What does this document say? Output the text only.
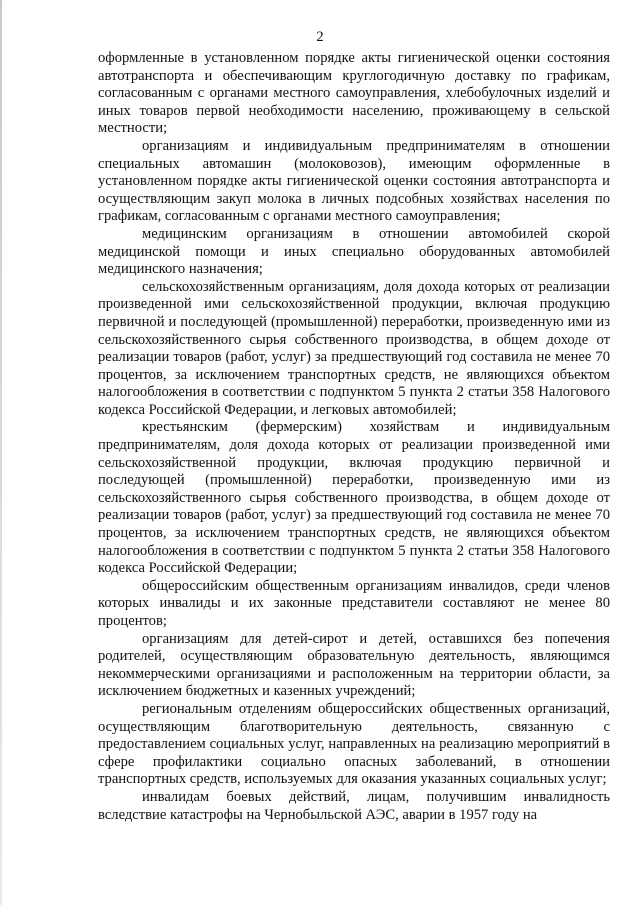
2

оформленные в установленном порядке акты гигиенической оценки состояния автотранспорта и обеспечивающим круглогодичную доставку по графикам, согласованным с органами местного самоуправления, хлебобулочных изделий и иных товаров первой необходимости населению, проживающему в сельской местности;

организациям и индивидуальным предпринимателям в отношении специальных автомашин (молоковозов), имеющим оформленные в установленном порядке акты гигиенической оценки состояния автотранспорта и осуществляющим закуп молока в личных подсобных хозяйствах населения по графикам, согласованным с органами местного самоуправления;

медицинским организациям в отношении автомобилей скорой медицинской помощи и иных специально оборудованных автомобилей медицинского назначения;

сельскохозяйственным организациям, доля дохода которых от реализации произведенной ими сельскохозяйственной продукции, включая продукцию первичной и последующей (промышленной) переработки, произведенную ими из сельскохозяйственного сырья собственного производства, в общем доходе от реализации товаров (работ, услуг) за предшествующий год составила не менее 70 процентов, за исключением транспортных средств, не являющихся объектом налогообложения в соответствии с подпунктом 5 пункта 2 статьи 358 Налогового кодекса Российской Федерации, и легковых автомобилей;

крестьянским (фермерским) хозяйствам и индивидуальным предпринимателям, доля дохода которых от реализации произведенной ими сельскохозяйственной продукции, включая продукцию первичной и последующей (промышленной) переработки, произведенную ими из сельскохозяйственного сырья собственного производства, в общем доходе от реализации товаров (работ, услуг) за предшествующий год составила не менее 70 процентов, за исключением транспортных средств, не являющихся объектом налогообложения в соответствии с подпунктом 5 пункта 2 статьи 358 Налогового кодекса Российской Федерации;

общероссийским общественным организациям инвалидов, среди членов которых инвалиды и их законные представители составляют не менее 80 процентов;

организациям для детей-сирот и детей, оставшихся без попечения родителей, осуществляющим образовательную деятельность, являющимся некоммерческими организациями и расположенным на территории области, за исключением бюджетных и казенных учреждений;

региональным отделениям общероссийских общественных организаций, осуществляющим благотворительную деятельность, связанную с предоставлением социальных услуг, направленных на реализацию мероприятий в сфере профилактики социально опасных заболеваний, в отношении транспортных средств, используемых для оказания указанных социальных услуг;

инвалидам боевых действий, лицам, получившим инвалидность вследствие катастрофы на Чернобыльской АЭС, аварии в 1957 году на
